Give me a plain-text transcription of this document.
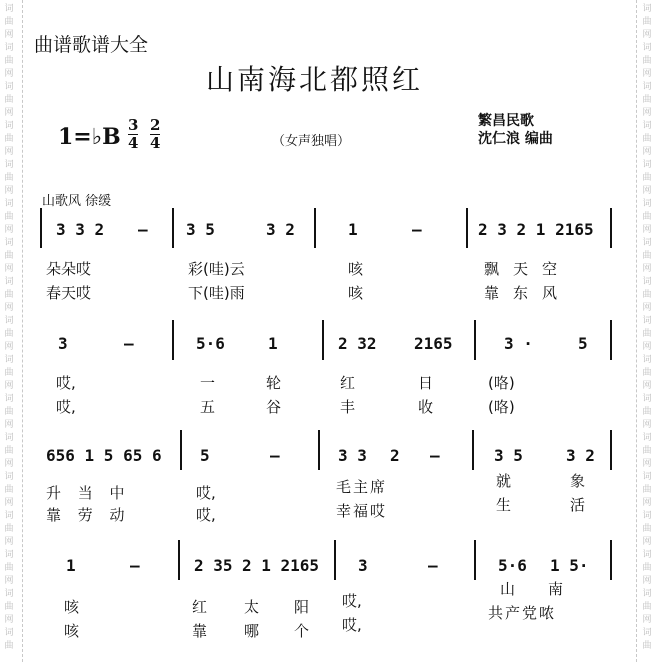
词
曲
网
词
曲
网
词
曲
网
词
曲
网
词
曲
网
词
曲
网
词
曲
网
词
曲
网
词
曲
网
词
曲
网
词
曲
网
词
曲
网
词
曲
网
词
曲
网
词
曲
网
词
曲
网
词
曲
词
曲
网
词
曲
网
词
曲
网
词
曲
网
词
曲
网
词
曲
网
词
曲
网
词
曲
网
词
曲
网
词
曲
网
词
曲
网
词
曲
网
词
曲
网
词
曲
网
词
曲
网
词
曲
网
词
曲
曲谱歌谱大全
山南海北都照红
1=♭B 3
4
2
4	（女声独唱）
繁昌民歌
沈仁浪 编曲
山歌风 徐缓
3 3 2 — 3 5	3 2	1	—	2 3 2 1 2165
朵朵哎	彩(哇)云	咳	飘天空
春天哎	下(哇)雨	咳	靠东风
3	—	5·6	1	2 32 2165	3 ·	5
哎,	一	轮	红	日	(咯)
哎,	五	谷	丰	收	(咯)
656 1 5 65 6 5	—	3 3 2 —	3 5	3 2
升 当 中	哎,	毛主席	就	象
靠 劳 动	哎,	幸福哎	生	活
1	—	2 35 2 1 2165 3	—	5·6 1 5·
咳	红 太 阳 哎,
山 南
咳	靠 哪 个 哎,
共产党哝
